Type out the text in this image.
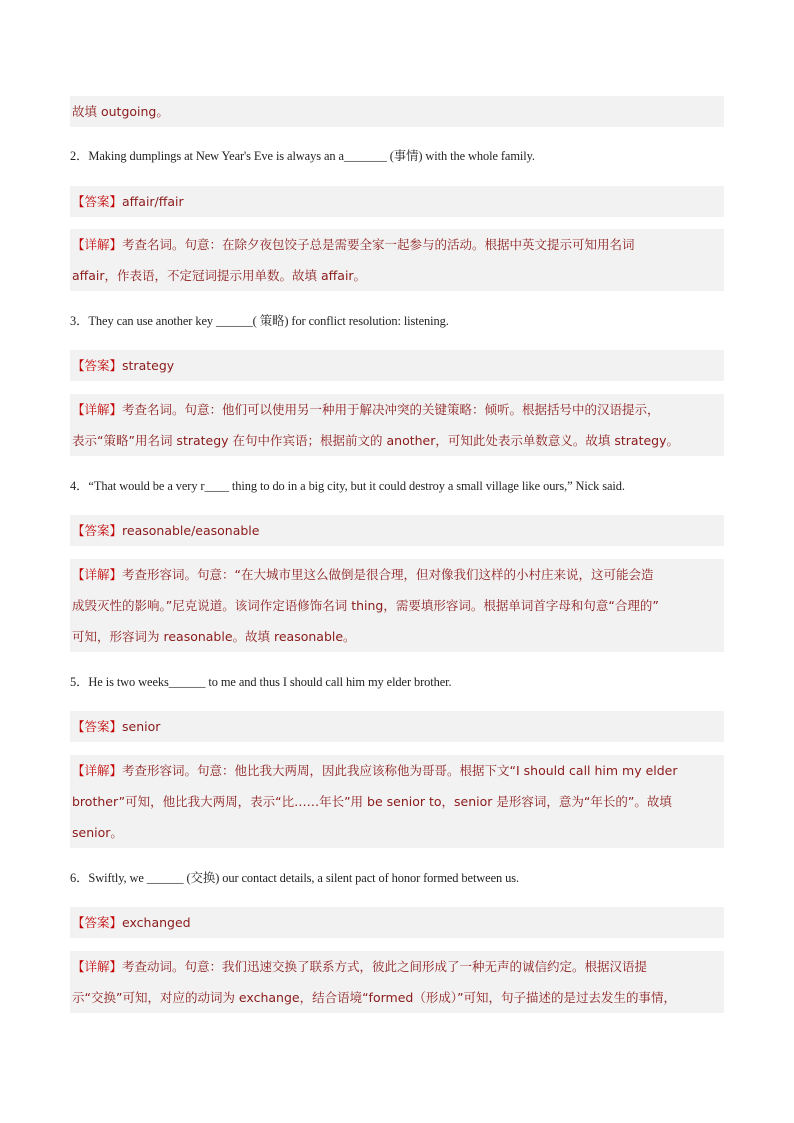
故填 outgoing。
2．Making dumplings at New Year's Eve is always an a_______ (事情) with the whole family.
【答案】affair/ffair
【详解】考查名词。句意：在除夕夜包饺子总是需要全家一起参与的活动。根据中英文提示可知用名词
affair，作表语，不定冠词提示用单数。故填 affair。
3．They can use another key ______( 策略) for conflict resolution: listening.
【答案】strategy
【详解】考查名词。句意：他们可以使用另一种用于解决冲突的关键策略：倾听。根据括号中的汉语提示，
表示“策略”用名词 strategy 在句中作宾语；根据前文的 another，可知此处表示单数意义。故填 strategy。
4．“That would be a very r____ thing to do in a big city, but it could destroy a small village like ours,” Nick said.
【答案】reasonable/easonable
【详解】考查形容词。句意：“在大城市里这么做倒是很合理，但对像我们这样的小村庄来说，这可能会造
成毁灭性的影响。”尼克说道。该词作定语修饰名词 thing，需要填形容词。根据单词首字母和句意“合理的”
可知，形容词为 reasonable。故填 reasonable。
5．He is two weeks______ to me and thus I should call him my elder brother.
【答案】senior
【详解】考查形容词。句意：他比我大两周，因此我应该称他为哥哥。根据下文“I should call him my elder
brother”可知，他比我大两周，表示“比……年长”用 be senior to，senior 是形容词，意为“年长的”。故填
senior。
6．Swiftly, we ______ (交换) our contact details, a silent pact of honor formed between us.
【答案】exchanged
【详解】考查动词。句意：我们迅速交换了联系方式，彼此之间形成了一种无声的诚信约定。根据汉语提
示“交换”可知，对应的动词为 exchange，结合语境“formed（形成）”可知，句子描述的是过去发生的事情，
